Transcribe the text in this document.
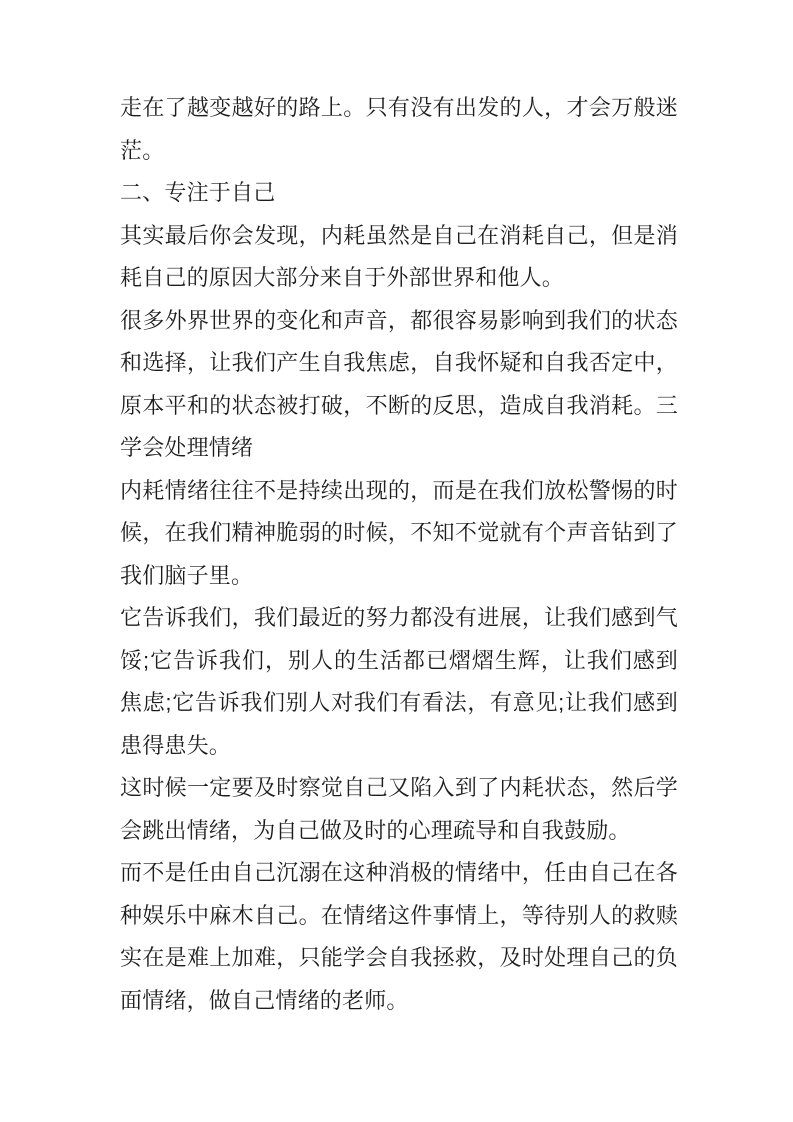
走在了越变越好的路上。只有没有出发的人，才会万般迷茫。

二、专注于自己

其实最后你会发现，内耗虽然是自己在消耗自己，但是消耗自己的原因大部分来自于外部世界和他人。

很多外界世界的变化和声音，都很容易影响到我们的状态和选择，让我们产生自我焦虑，自我怀疑和自我否定中，原本平和的状态被打破，不断的反思，造成自我消耗。三学会处理情绪

内耗情绪往往不是持续出现的，而是在我们放松警惕的时候，在我们精神脆弱的时候，不知不觉就有个声音钻到了我们脑子里。

它告诉我们，我们最近的努力都没有进展，让我们感到气馁;它告诉我们，别人的生活都已熠熠生辉，让我们感到焦虑;它告诉我们别人对我们有看法，有意见;让我们感到患得患失。

这时候一定要及时察觉自己又陷入到了内耗状态，然后学会跳出情绪，为自己做及时的心理疏导和自我鼓励。

而不是任由自己沉溺在这种消极的情绪中，任由自己在各种娱乐中麻木自己。在情绪这件事情上，等待别人的救赎实在是难上加难，只能学会自我拯救，及时处理自己的负面情绪，做自己情绪的老师。
